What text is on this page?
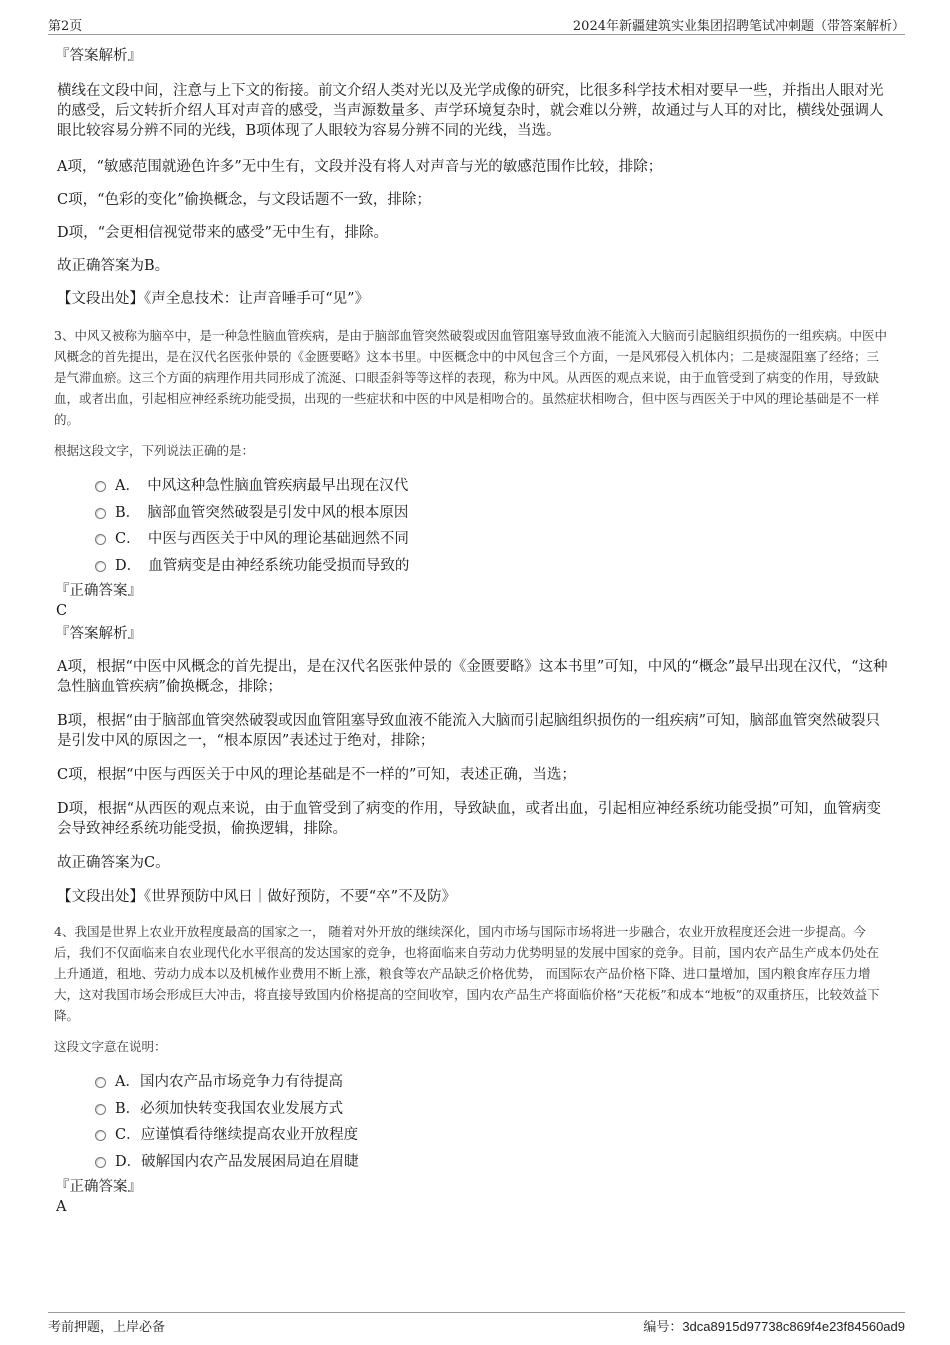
第2页	2024年新疆建筑实业集团招聘笔试冲刺题（带答案解析）

『答案解析』

横线在文段中间，注意与上下文的衔接。前文介绍人类对光以及光学成像的研究，比很多科学技术相对要早一些，并指出人眼对光的感受，后文转折介绍人耳对声音的感受，当声源数量多、声学环境复杂时，就会难以分辨，故通过与人耳的对比，横线处强调人眼比较容易分辨不同的光线，B项体现了人眼较为容易分辨不同的光线，当选。

A项，“敏感范围就逊色许多”无中生有，文段并没有将人对声音与光的敏感范围作比较，排除；

C项，“色彩的变化”偷换概念，与文段话题不一致，排除；

D项，“会更相信视觉带来的感受”无中生有，排除。

故正确答案为B。

【文段出处】《声全息技术：让声音唾手可“见”》

3、中风又被称为脑卒中，是一种急性脑血管疾病，是由于脑部血管突然破裂或因血管阻塞导致血液不能流入大脑而引起脑组织损伤的一组疾病。中医中风概念的首先提出，是在汉代名医张仲景的《金匮要略》这本书里。中医概念中的中风包含三个方面，一是风邪侵入机体内；二是痰湿阻塞了经络；三是气滞血瘀。这三个方面的病理作用共同形成了流涎、口眼歪斜等等这样的表现，称为中风。从西医的观点来说，由于血管受到了病变的作用，导致缺血，或者出血，引起相应神经系统功能受损，出现的一些症状和中医的中风是相吻合的。虽然症状相吻合，但中医与西医关于中风的理论基础是不一样的。

根据这段文字，下列说法正确的是：

A．　中风这种急性脑血管疾病最早出现在汉代
B．　脑部血管突然破裂是引发中风的根本原因
C．　中医与西医关于中风的理论基础迥然不同
D．　血管病变是由神经系统功能受损而导致的

『正确答案』

C

『答案解析』

A项，根据“中医中风概念的首先提出，是在汉代名医张仲景的《金匮要略》这本书里”可知，中风的“概念”最早出现在汉代，“这种急性脑血管疾病”偷换概念，排除；

B项，根据“由于脑部血管突然破裂或因血管阻塞导致血液不能流入大脑而引起脑组织损伤的一组疾病”可知，脑部血管突然破裂只是引发中风的原因之一，“根本原因”表述过于绝对，排除；

C项，根据“中医与西医关于中风的理论基础是不一样的”可知，表述正确，当选；

D项，根据“从西医的观点来说，由于血管受到了病变的作用，导致缺血，或者出血，引起相应神经系统功能受损”可知，血管病变会导致神经系统功能受损，偷换逻辑，排除。

故正确答案为C。

【文段出处】《世界预防中风日｜做好预防，不要“卒”不及防》

4、我国是世界上农业开放程度最高的国家之一， 随着对外开放的继续深化，国内市场与国际市场将进一步融合，农业开放程度还会进一步提高。今后，我们不仅面临来自农业现代化水平很高的发达国家的竞争，也将面临来自劳动力优势明显的发展中国家的竞争。目前，国内农产品生产成本仍处在上升通道，租地、劳动力成本以及机械作业费用不断上涨，粮食等农产品缺乏价格优势， 而国际农产品价格下降、进口量增加，国内粮食库存压力增大，这对我国市场会形成巨大冲击，将直接导致国内价格提高的空间收窄，国内农产品生产将面临价格“天花板”和成本“地板”的双重挤压，比较效益下降。

这段文字意在说明：

A．国内农产品市场竞争力有待提高
B．必须加快转变我国农业发展方式
C．应谨慎看待继续提高农业开放程度
D．破解国内农产品发展困局迫在眉睫

『正确答案』

A

考前押题，上岸必备	编号：3dca8915d97738c869f4e23f84560ad9
